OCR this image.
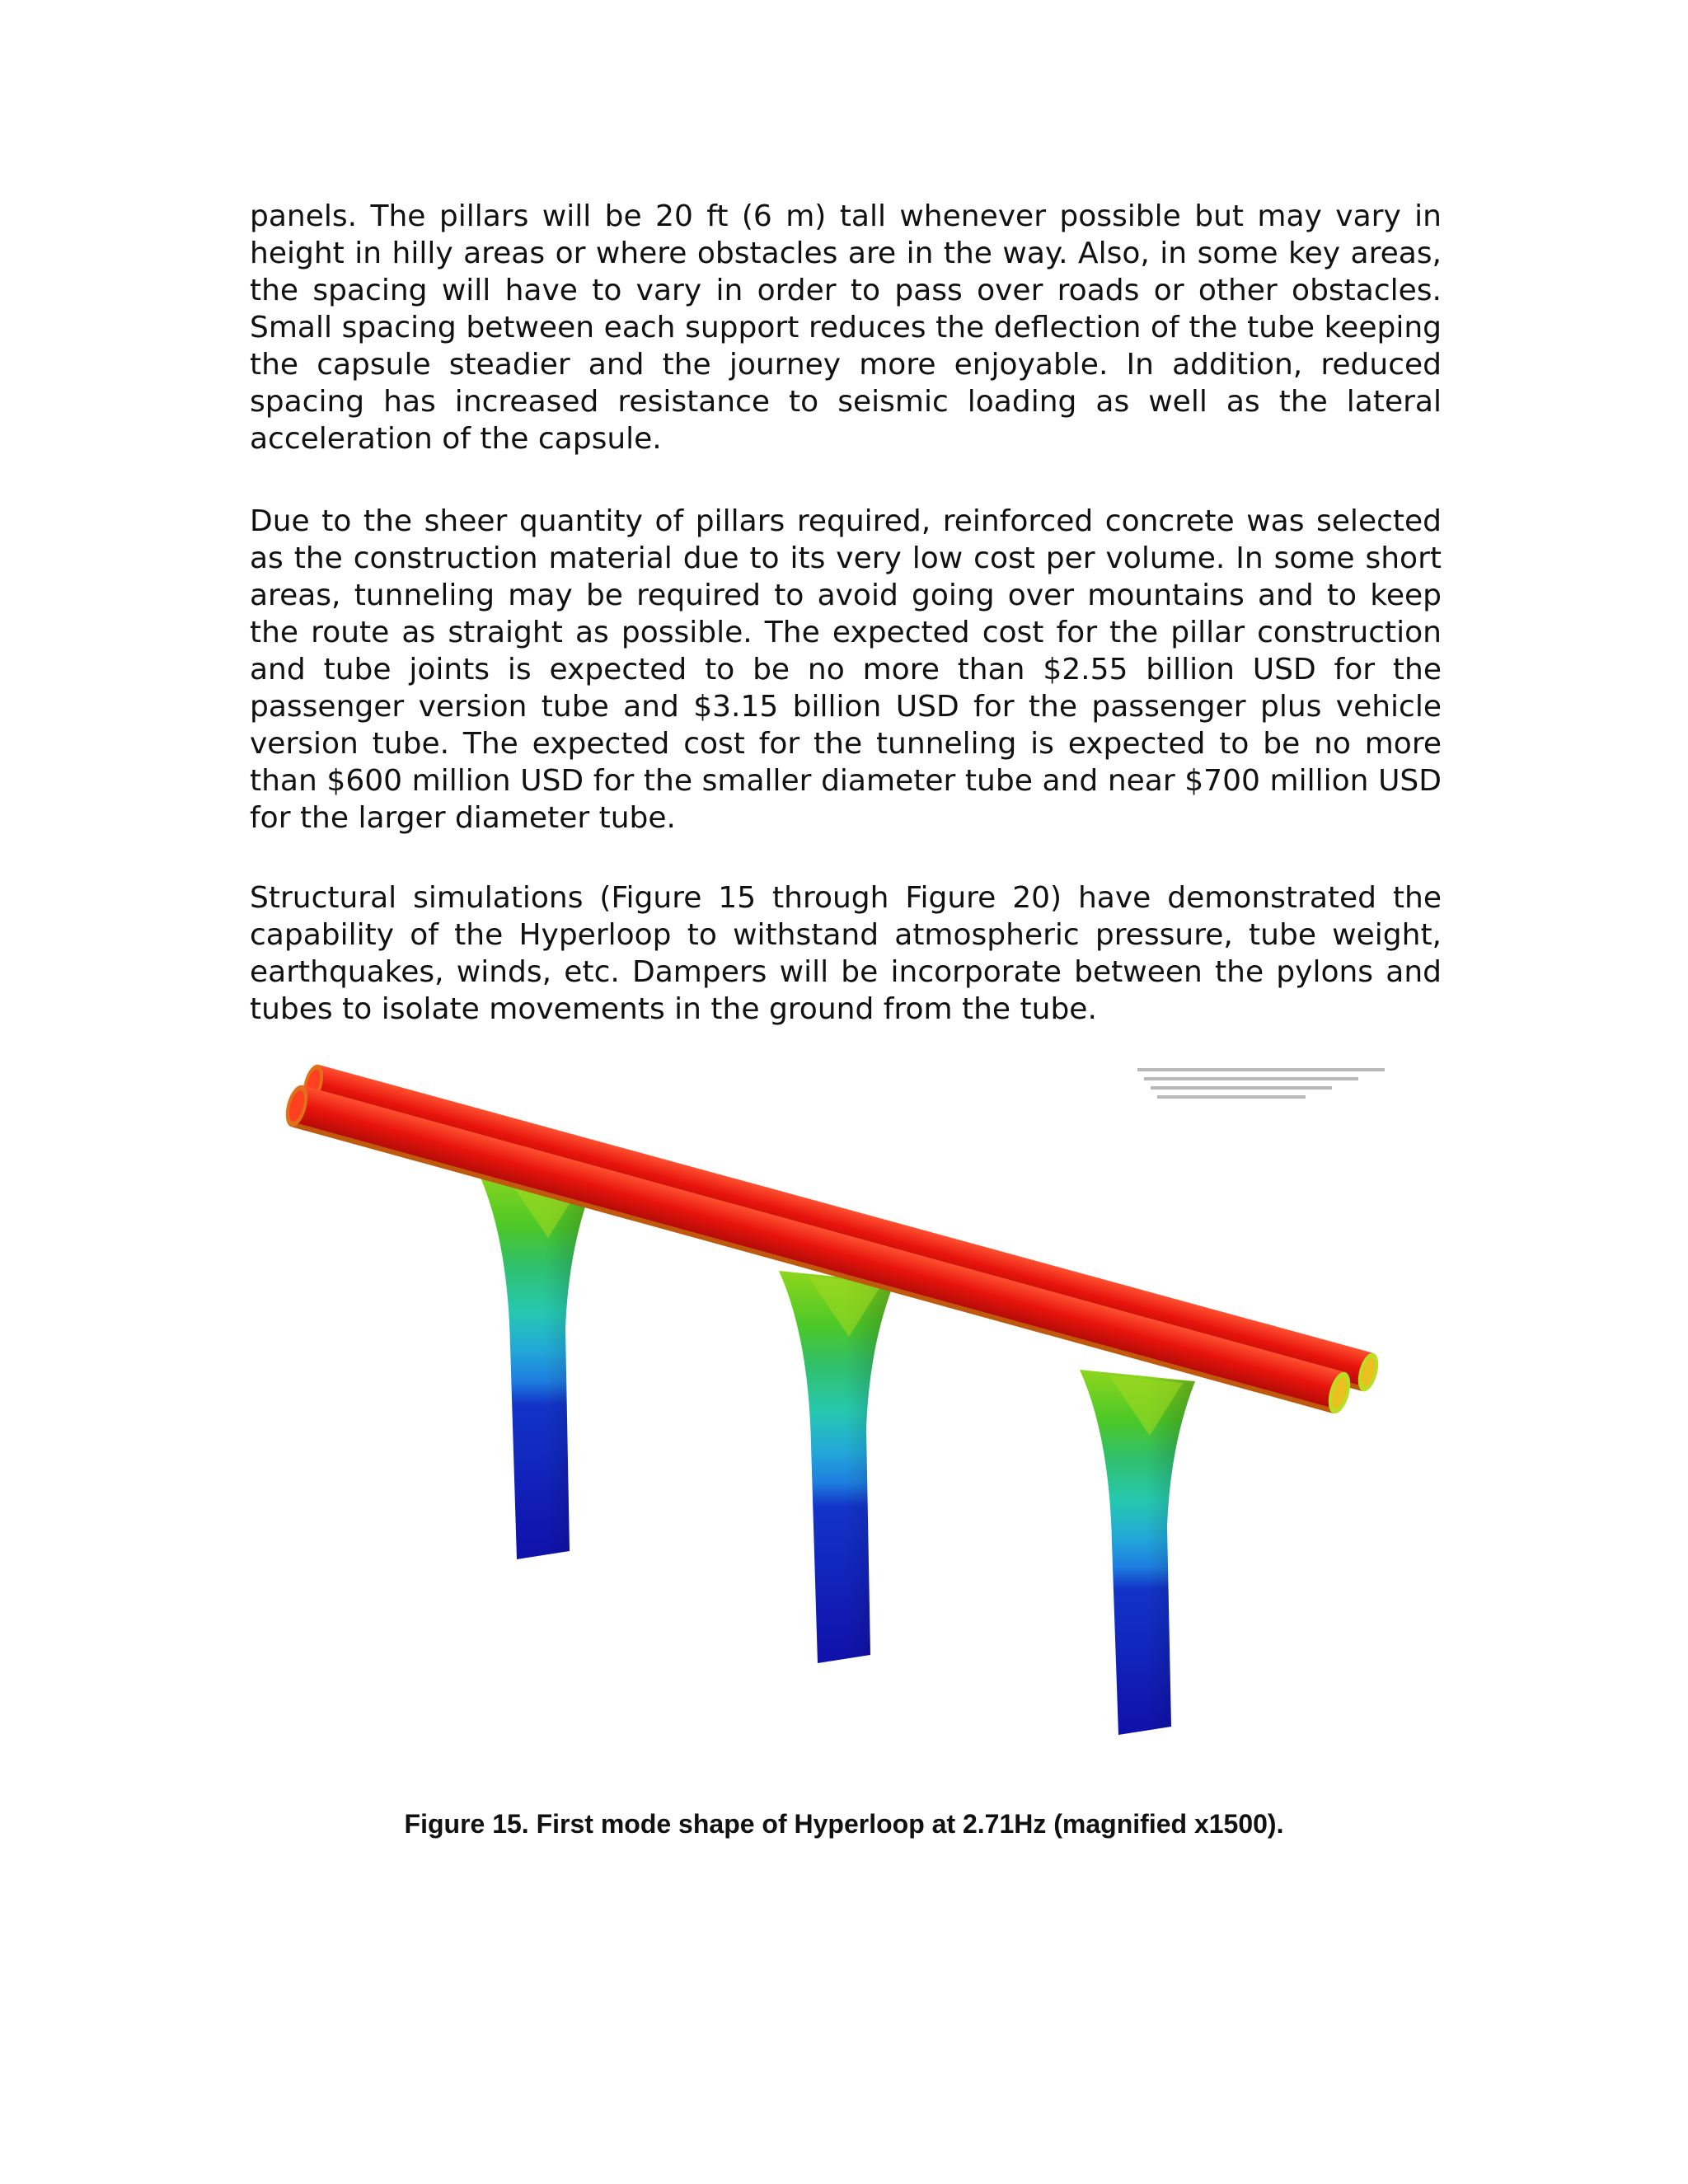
panels. The pillars will be 20 ft (6 m) tall whenever possible but may vary in height in hilly areas or where obstacles are in the way. Also, in some key areas, the spacing will have to vary in order to pass over roads or other obstacles. Small spacing between each support reduces the deflection of the tube keeping the capsule steadier and the journey more enjoyable. In addition, reduced spacing has increased resistance to seismic loading as well as the lateral acceleration of the capsule.

Due to the sheer quantity of pillars required, reinforced concrete was selected as the construction material due to its very low cost per volume. In some short areas, tunneling may be required to avoid going over mountains and to keep the route as straight as possible. The expected cost for the pillar construction and tube joints is expected to be no more than $2.55 billion USD for the passenger version tube and $3.15 billion USD for the passenger plus vehicle version tube. The expected cost for the tunneling is expected to be no more than $600 million USD for the smaller diameter tube and near $700 million USD for the larger diameter tube.

Structural simulations (Figure 15 through Figure 20) have demonstrated the capability of the Hyperloop to withstand atmospheric pressure, tube weight, earthquakes, winds, etc. Dampers will be incorporate between the pylons and tubes to isolate movements in the ground from the tube.

Figure 15. First mode shape of Hyperloop at 2.71Hz (magnified x1500).
